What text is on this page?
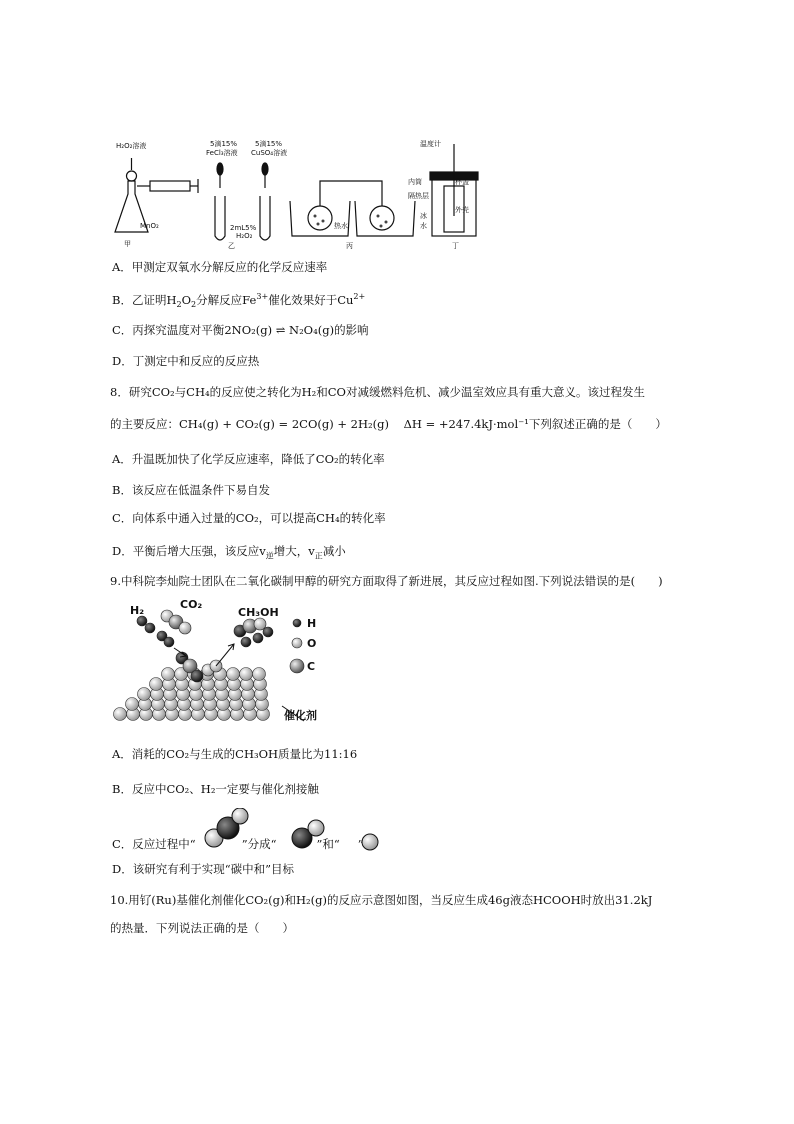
H₂O₂溶液
MnO₂
5滴15%
FeCl₃溶液
5滴15%
CuSO₄溶液
2mL5%
H₂O₂
热水
冰
水
温度计
内筒	杯盖
隔热层
外壳
甲	乙	丙	丁
A．甲测定双氧水分解反应的化学反应速率
B．乙证明$H_2O_2$分解反应$Fe^{3+}$催化效果好于$Cu^{2+}$
C．丙探究温度对平衡2NO₂(g) ⇌ N₂O₄(g)的影响
D．丁测定中和反应的反应热
8．研究CO₂与CH₄的反应使之转化为H₂和CO对减缓燃料危机、减少温室效应具有重大意义。该过程发生
的主要反应：CH₄(g) + CO₂(g) = 2CO(g) + 2H₂(g) ΔH = +247.4kJ·mol⁻¹下列叙述正确的是（　　）
A．升温既加快了化学反应速率，降低了CO₂的转化率
B．该反应在低温条件下易自发
C．向体系中通入过量的CO₂，可以提高CH₄的转化率
D．平衡后增大压强，该反应$v_逆$增大，$v_正$减小
9.中科院李灿院士团队在二氧化碳制甲醇的研究方面取得了新进展，其反应过程如图.下列说法错误的是(　　)
H₂	CO₂
CH₃OH
H
O
C
催化剂
A．消耗的CO₂与生成的CH₃OH质量比为11:16
B．反应中CO₂、H₂一定要与催化剂接触
C．反应过程中“	”分成“	”和“ ”
D．该研究有利于实现“碳中和”目标
10.用钌(Ru)基催化剂催化CO₂(g)和H₂(g)的反应示意图如图，当反应生成46g液态HCOOH时放出31.2kJ
的热量．下列说法正确的是（　　）
